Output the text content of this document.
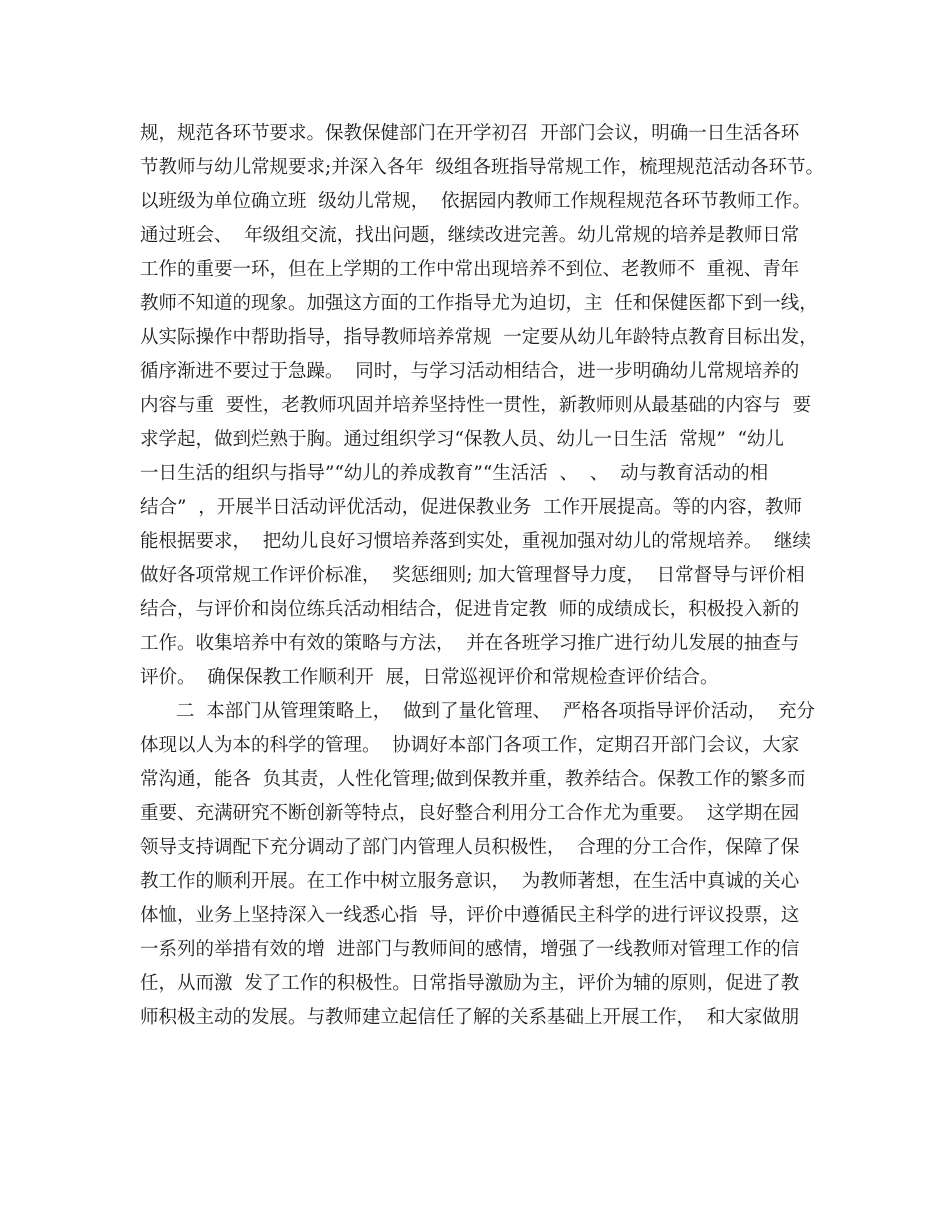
规，规范各环节要求。保教保健部门在开学初召  开部门会议，明确一日生活各环
节教师与幼儿常规要求;并深入各年  级组各班指导常规工作，梳理规范活动各环节。
以班级为单位确立班  级幼儿常规，  依据园内教师工作规程规范各环节教师工作。
通过班会、  年级组交流，找出问题，继续改进完善。幼儿常规的培养是教师日常
工作的重要一环，但在上学期的工作中常出现培养不到位、老教师不  重视、青年
教师不知道的现象。加强这方面的工作指导尤为迫切，主  任和保健医都下到一线，
从实际操作中帮助指导，指导教师培养常规  一定要从幼儿年龄特点教育目标出发，
循序渐进不要过于急躁。  同时，与学习活动相结合，进一步明确幼儿常规培养的
内容与重  要性，老教师巩固并培养坚持性一贯性，新教师则从最基础的内容与  要
求学起，做到烂熟于胸。通过组织学习“保教人员、幼儿一日生活  常规”  “幼儿
一日生活的组织与指导”“幼儿的养成教育”“生活活  、  、  动与教育活动的相
结合”  ，开展半日活动评优活动，促进保教业务  工作开展提高。等的内容，教师
能根据要求，  把幼儿良好习惯培养落到实处，重视加强对幼儿的常规培养。  继续
做好各项常规工作评价标准，  奖惩细则; 加大管理督导力度，  日常督导与评价相
结合，与评价和岗位练兵活动相结合，促进肯定教  师的成绩成长，积极投入新的
工作。收集培养中有效的策略与方法，  并在各班学习推广进行幼儿发展的抽查与
评价。  确保保教工作顺利开  展，日常巡视评价和常规检查评价结合。
二  本部门从管理策略上，  做到了量化管理、  严格各项指导评价活动，  充分
体现以人为本的科学的管理。  协调好本部门各项工作，定期召开部门会议，大家
常沟通，能各  负其责，人性化管理;做到保教并重，教养结合。保教工作的繁多而
重要、充满研究不断创新等特点，良好整合利用分工合作尤为重要。  这学期在园
领导支持调配下充分调动了部门内管理人员积极性，  合理的分工合作，保障了保
教工作的顺利开展。在工作中树立服务意识，  为教师著想，在生活中真诚的关心
体恤，业务上坚持深入一线悉心指  导，评价中遵循民主科学的进行评议投票，这
一系列的举措有效的增  进部门与教师间的感情，增强了一线教师对管理工作的信
任，从而激  发了工作的积极性。日常指导激励为主，评价为辅的原则，促进了教
师积极主动的发展。与教师建立起信任了解的关系基础上开展工作，  和大家做朋
